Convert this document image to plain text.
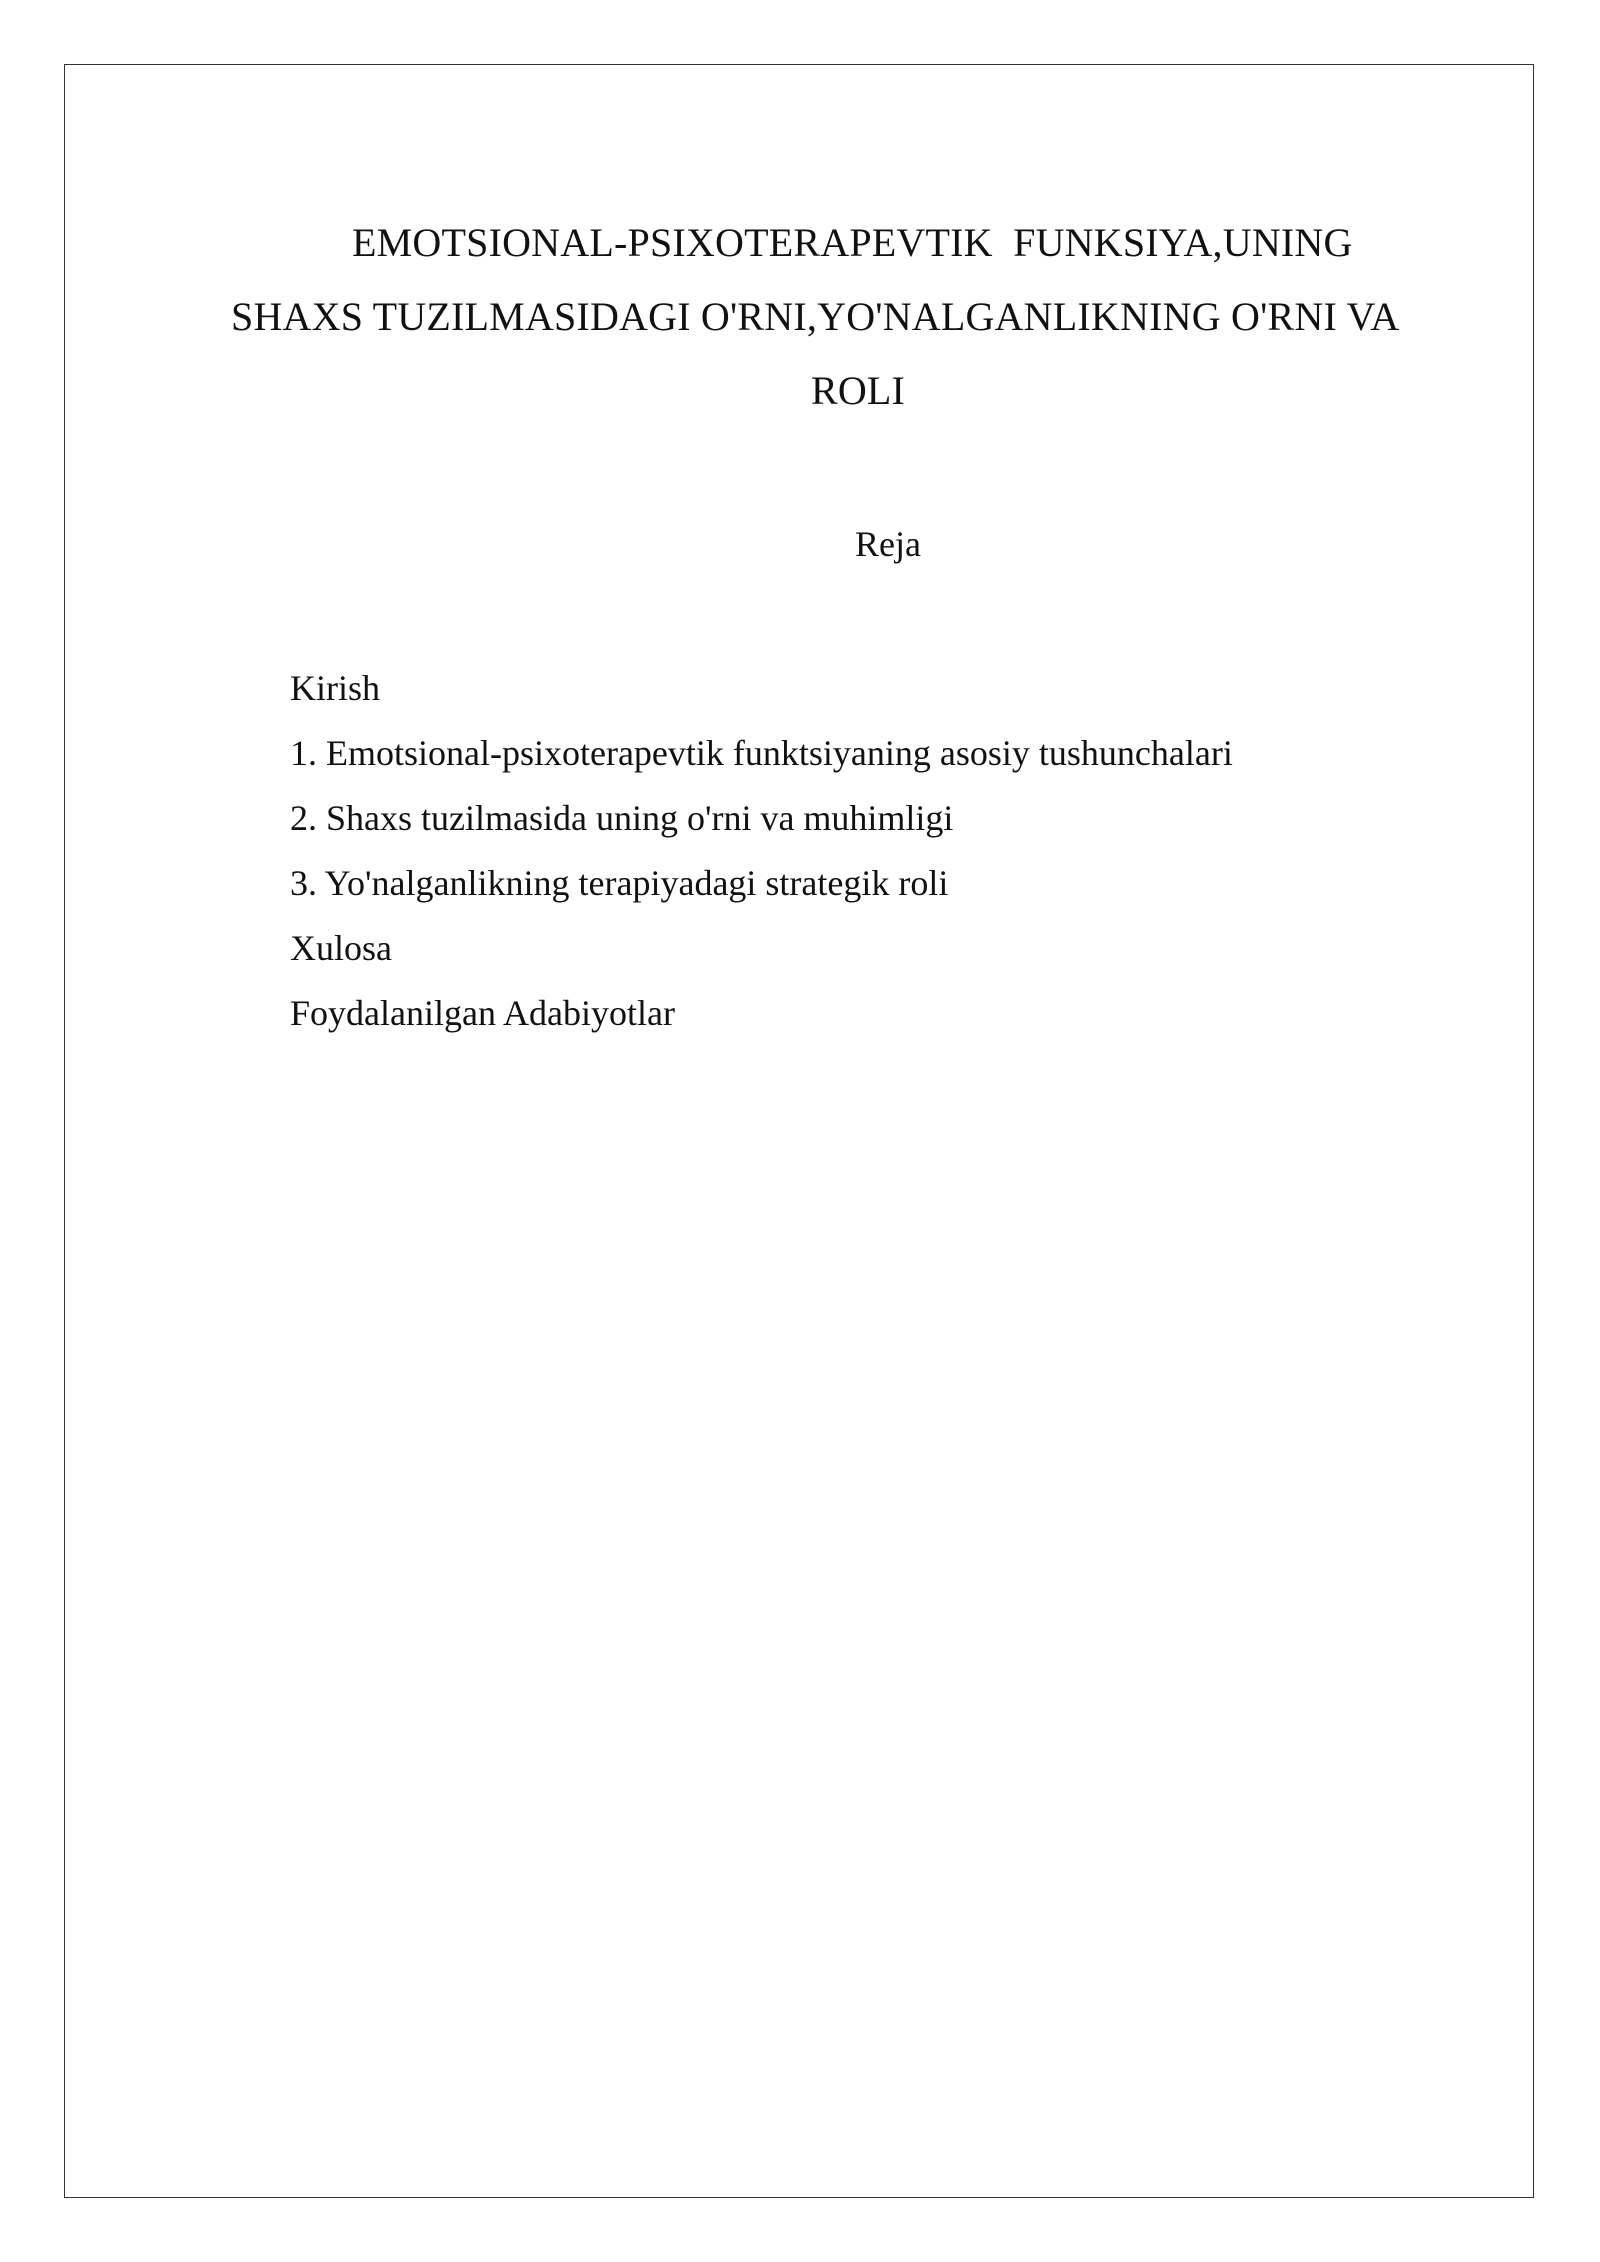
EMOTSIONAL-PSIXOTERAPEVTIK  FUNKSIYA,UNING
SHAXS TUZILMASIDAGI O'RNI,YO'NALGANLIKNING O'RNI VA
ROLI
Reja
Kirish
1. Emotsional-psixoterapevtik funktsiyaning asosiy tushunchalari
2. Shaxs tuzilmasida uning o'rni va muhimligi
3. Yo'nalganlikning terapiyadagi strategik roli
Xulosa
Foydalanilgan Adabiyotlar
